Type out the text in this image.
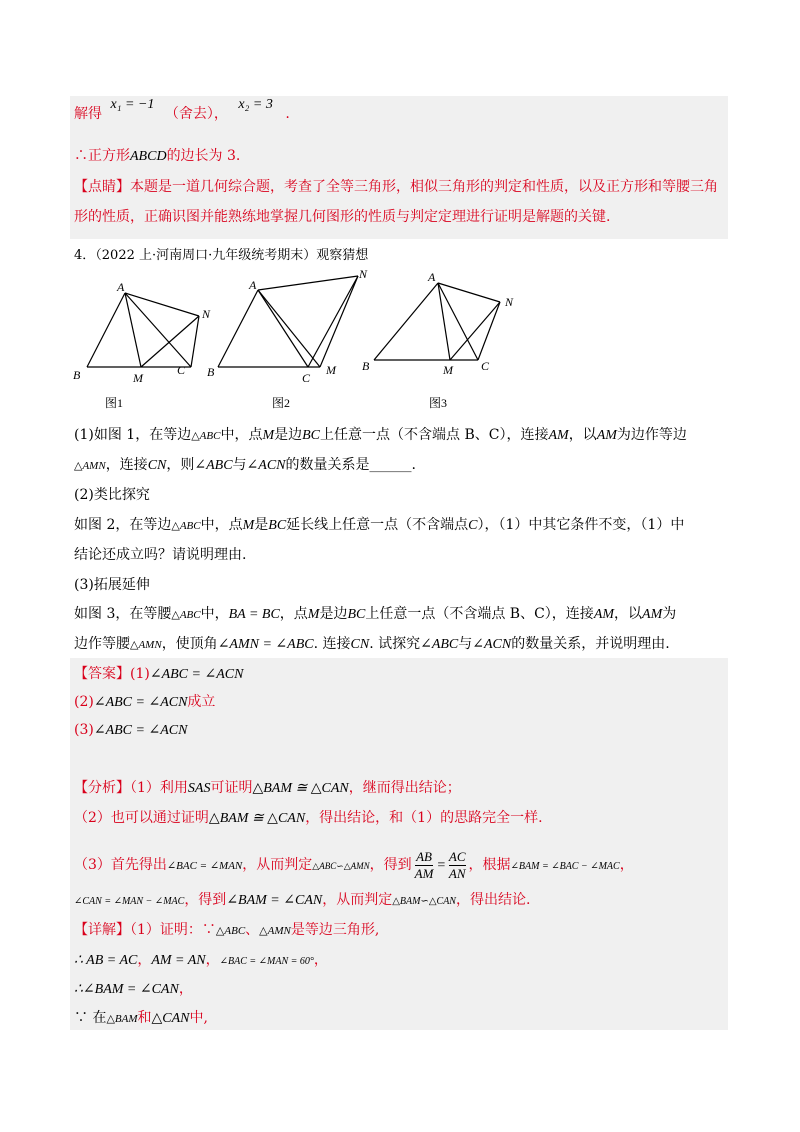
解得 x₁ = −1 （舍去）， x₂ = 3 .
∴正方形ABCD的边长为 3.
【点睛】本题是一道几何综合题，考查了全等三角形，相似三角形的判定和性质，以及正方形和等腰三角
形的性质，正确识图并能熟练地掌握几何图形的性质与判定定理进行证明是解题的关键.
4．（2022 上·河南周口·九年级统考期末）观察猜想
A
B	C
M
N
图1
A
B	C
M
N
图2
A
B	C
M
N
图3
(1)如图 1，在等边△ABC中，点M是边BC上任意一点（不含端点 B、C），连接AM，以AM为边作等边
△AMN，连接CN，则∠ABC与∠ACN的数量关系是______.
(2)类比探究
如图 2，在等边△ABC中，点M是BC延长线上任意一点（不含端点C），（1）中其它条件不变，（1）中
结论还成立吗？请说明理由.
(3)拓展延伸
如图 3，在等腰△ABC中，BA = BC，点M是边BC上任意一点（不含端点 B、C），连接AM，以AM为
边作等腰△AMN，使顶角∠AMN = ∠ABC. 连接CN. 试探究∠ABC与∠ACN的数量关系，并说明理由.
【答案】(1)∠ABC = ∠ACN
(2)∠ABC = ∠ACN成立
(3)∠ABC = ∠ACN
【分析】（1）利用SAS可证明△BAM ≅ △CAN，继而得出结论；
（2）也可以通过证明△BAM ≅ △CAN，得出结论，和（1）的思路完全一样.
（3）首先得出∠BAC = ∠MAN，从而判定△ABC∽△AMN，得到 $\frac{AB}{AM} = \frac{AC}{AN}$ ，根据∠BAM = ∠BAC − ∠MAC，
∠CAN = ∠MAN − ∠MAC，得到∠BAM = ∠CAN，从而判定△BAM∽△CAN，得出结论.
【详解】（1）证明：∵△ABC、△AMN是等边三角形,
∴ AB = AC，AM = AN，∠BAC = ∠MAN = 60°，
∴∠BAM = ∠CAN，
∵ 在△BAM和△CAN中,
